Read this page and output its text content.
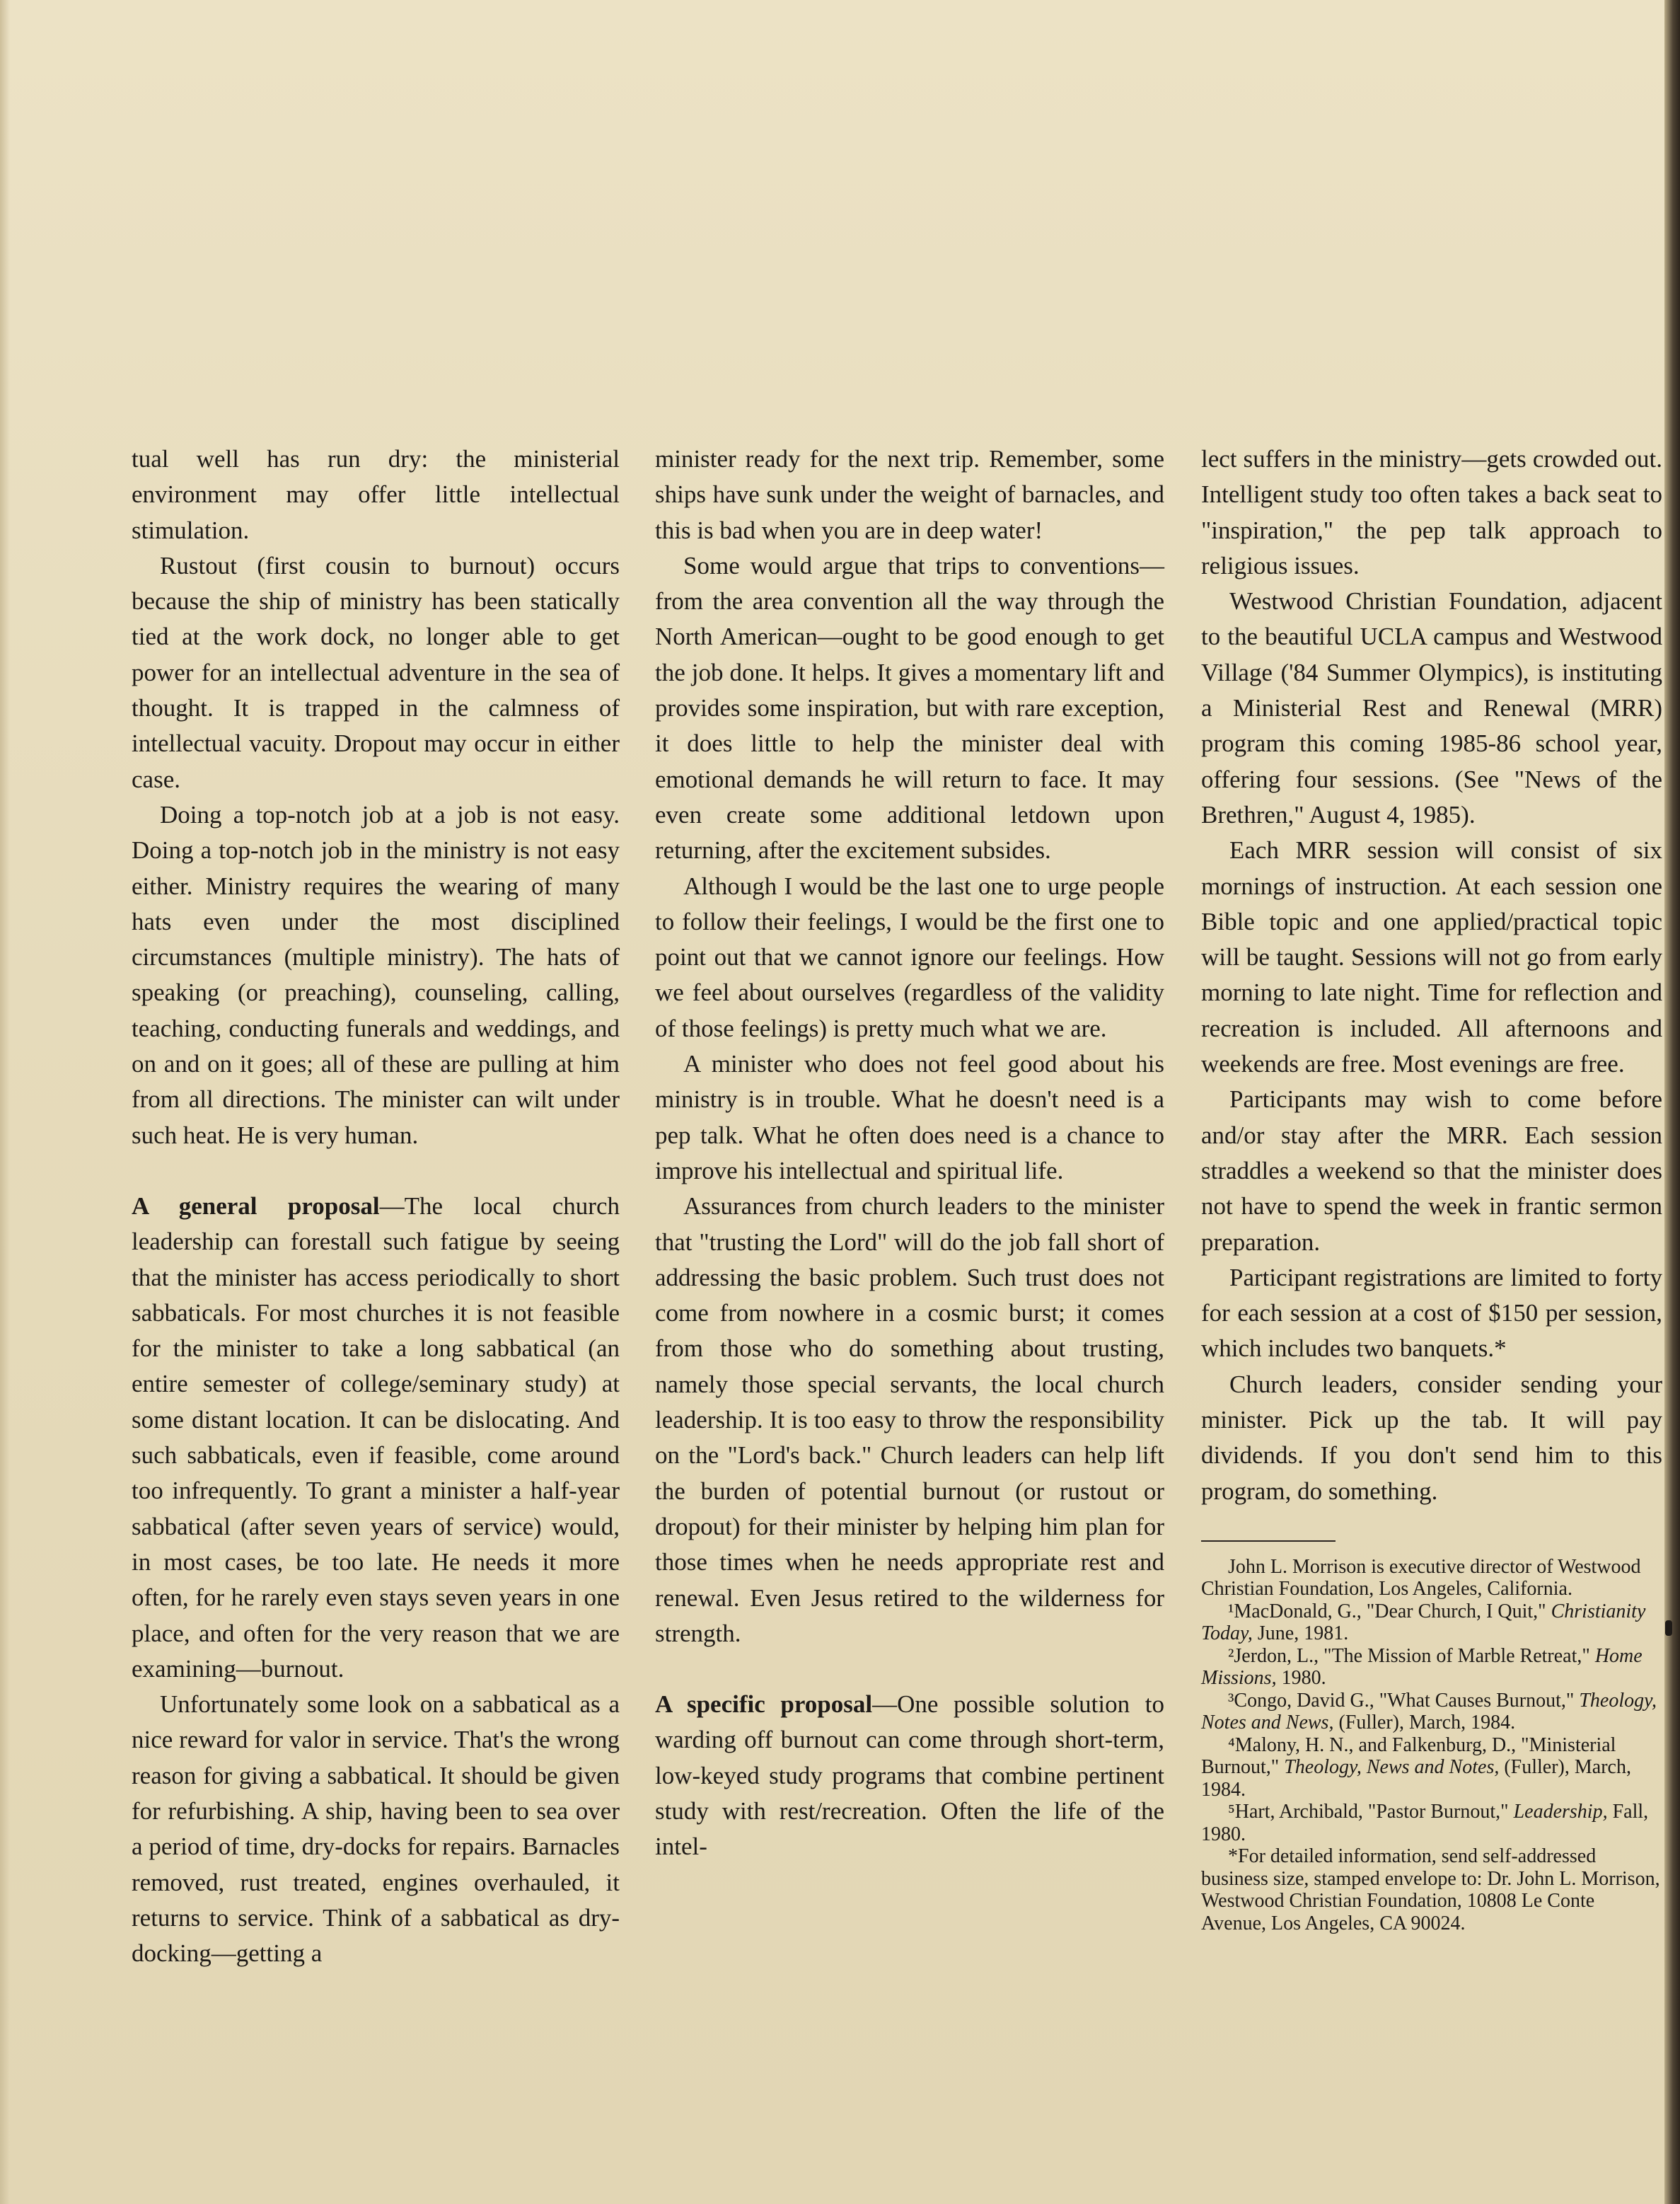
tual well has run dry: the ministerial environment may offer little intellectual stimulation.

Rustout (first cousin to burnout) occurs because the ship of ministry has been statically tied at the work dock, no longer able to get power for an intellectual adventure in the sea of thought. It is trapped in the calmness of intellectual vacuity. Dropout may occur in either case.

Doing a top-notch job at a job is not easy. Doing a top-notch job in the ministry is not easy either. Ministry requires the wearing of many hats even under the most disciplined circumstances (multiple ministry). The hats of speaking (or preaching), counseling, calling, teaching, conducting funerals and weddings, and on and on it goes; all of these are pulling at him from all directions. The minister can wilt under such heat. He is very human.

A general proposal—The local church leadership can forestall such fatigue by seeing that the minister has access periodically to short sabbaticals. For most churches it is not feasible for the minister to take a long sabbatical (an entire semester of college/seminary study) at some distant location. It can be dislocating. And such sabbaticals, even if feasible, come around too infrequently. To grant a minister a half-year sabbatical (after seven years of service) would, in most cases, be too late. He needs it more often, for he rarely even stays seven years in one place, and often for the very reason that we are examining—burnout.

Unfortunately some look on a sabbatical as a nice reward for valor in service. That's the wrong reason for giving a sabbatical. It should be given for refurbishing. A ship, having been to sea over a period of time, dry-docks for repairs. Barnacles removed, rust treated, engines overhauled, it returns to service. Think of a sabbatical as dry-docking—getting a

minister ready for the next trip. Remember, some ships have sunk under the weight of barnacles, and this is bad when you are in deep water!

Some would argue that trips to conventions—from the area convention all the way through the North American—ought to be good enough to get the job done. It helps. It gives a momentary lift and provides some inspiration, but with rare exception, it does little to help the minister deal with emotional demands he will return to face. It may even create some additional letdown upon returning, after the excitement subsides.

Although I would be the last one to urge people to follow their feelings, I would be the first one to point out that we cannot ignore our feelings. How we feel about ourselves (regardless of the validity of those feelings) is pretty much what we are.

A minister who does not feel good about his ministry is in trouble. What he doesn't need is a pep talk. What he often does need is a chance to improve his intellectual and spiritual life.

Assurances from church leaders to the minister that "trusting the Lord" will do the job fall short of addressing the basic problem. Such trust does not come from nowhere in a cosmic burst; it comes from those who do something about trusting, namely those special servants, the local church leadership. It is too easy to throw the responsibility on the "Lord's back." Church leaders can help lift the burden of potential burnout (or rustout or dropout) for their minister by helping him plan for those times when he needs appropriate rest and renewal. Even Jesus retired to the wilderness for strength.

A specific proposal—One possible solution to warding off burnout can come through short-term, low-keyed study programs that combine pertinent study with rest/recreation. Often the life of the intel-

lect suffers in the ministry—gets crowded out. Intelligent study too often takes a back seat to "inspiration," the pep talk approach to religious issues.

Westwood Christian Foundation, adjacent to the beautiful UCLA campus and Westwood Village ('84 Summer Olympics), is instituting a Ministerial Rest and Renewal (MRR) program this coming 1985-86 school year, offering four sessions. (See "News of the Brethren," August 4, 1985).

Each MRR session will consist of six mornings of instruction. At each session one Bible topic and one applied/practical topic will be taught. Sessions will not go from early morning to late night. Time for reflection and recreation is included. All afternoons and weekends are free. Most evenings are free.

Participants may wish to come before and/or stay after the MRR. Each session straddles a weekend so that the minister does not have to spend the week in frantic sermon preparation.

Participant registrations are limited to forty for each session at a cost of $150 per session, which includes two banquets.*

Church leaders, consider sending your minister. Pick up the tab. It will pay dividends. If you don't send him to this program, do something.

John L. Morrison is executive director of Westwood Christian Foundation, Los Angeles, California.

¹MacDonald, G., "Dear Church, I Quit," Christianity Today, June, 1981.

²Jerdon, L., "The Mission of Marble Retreat," Home Missions, 1980.

³Congo, David G., "What Causes Burnout," Theology, Notes and News, (Fuller), March, 1984.

⁴Malony, H. N., and Falkenburg, D., "Ministerial Burnout," Theology, News and Notes, (Fuller), March, 1984.

⁵Hart, Archibald, "Pastor Burnout," Leadership, Fall, 1980.

*For detailed information, send self-addressed business size, stamped envelope to: Dr. John L. Morrison, Westwood Christian Foundation, 10808 Le Conte Avenue, Los Angeles, CA 90024.
